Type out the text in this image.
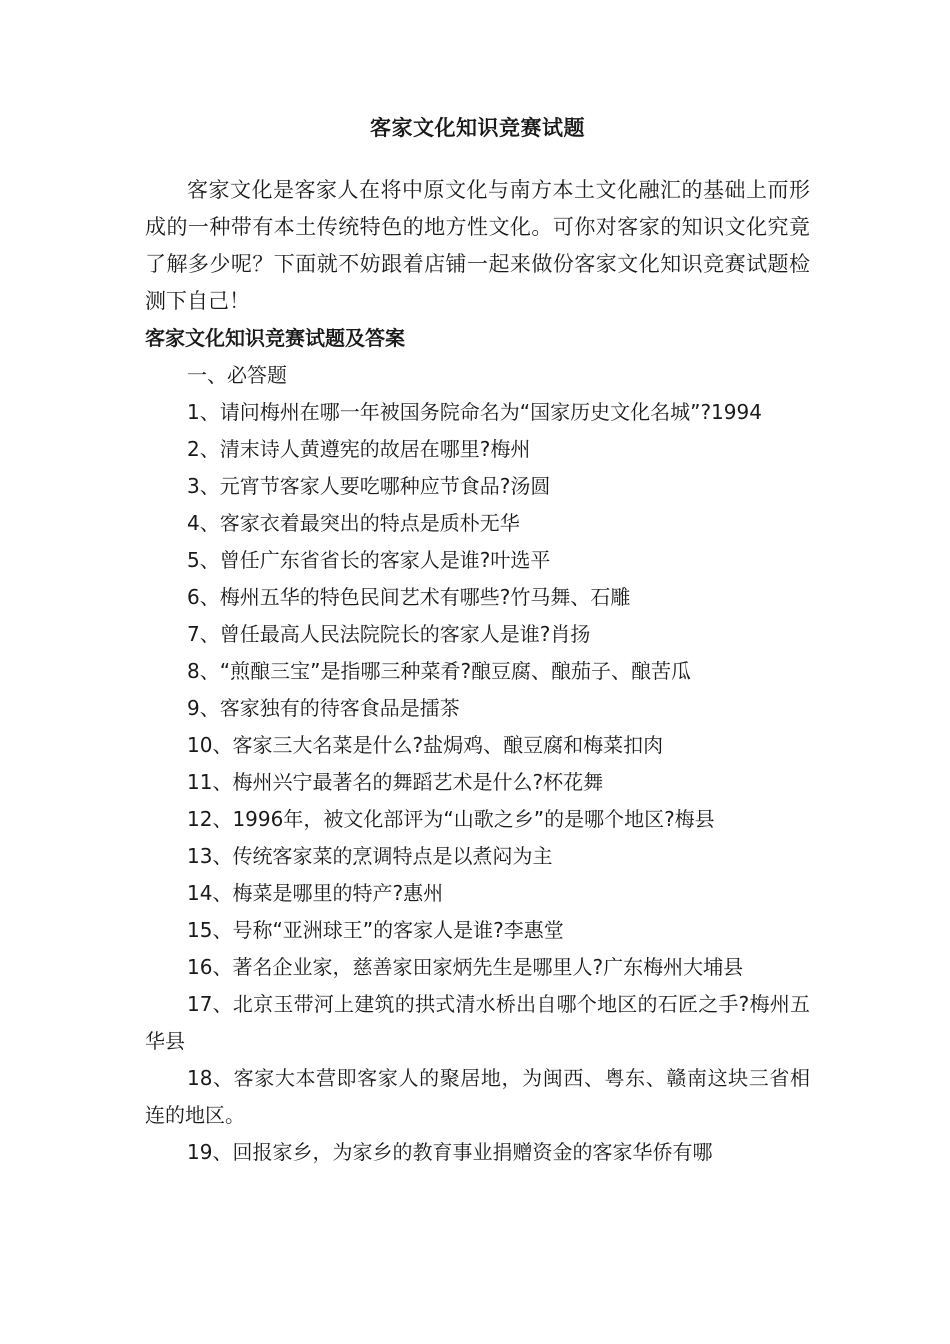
客家文化知识竞赛试题

客家文化是客家人在将中原文化与南方本土文化融汇的基础上而形成的一种带有本土传统特色的地方性文化。可你对客家的知识文化究竟了解多少呢？下面就不妨跟着店铺一起来做份客家文化知识竞赛试题检测下自己！

客家文化知识竞赛试题及答案

一、必答题

1、请问梅州在哪一年被国务院命名为“国家历史文化名城”?1994

2、清末诗人黄遵宪的故居在哪里?梅州

3、元宵节客家人要吃哪种应节食品?汤圆

4、客家衣着最突出的特点是质朴无华

5、曾任广东省省长的客家人是谁?叶选平

6、梅州五华的特色民间艺术有哪些?竹马舞、石雕

7、曾任最高人民法院院长的客家人是谁?肖扬

8、“煎酿三宝”是指哪三种菜肴?酿豆腐、酿茄子、酿苦瓜

9、客家独有的待客食品是擂茶

10、客家三大名菜是什么?盐焗鸡、酿豆腐和梅菜扣肉

11、梅州兴宁最著名的舞蹈艺术是什么?杯花舞

12、1996年，被文化部评为“山歌之乡”的是哪个地区?梅县

13、传统客家菜的烹调特点是以煮闷为主

14、梅菜是哪里的特产?惠州

15、号称“亚洲球王”的客家人是谁?李惠堂

16、著名企业家，慈善家田家炳先生是哪里人?广东梅州大埔县

17、北京玉带河上建筑的拱式清水桥出自哪个地区的石匠之手?梅州五华县

18、客家大本营即客家人的聚居地，为闽西、粤东、赣南这块三省相连的地区。

19、回报家乡，为家乡的教育事业捐赠资金的客家华侨有哪
